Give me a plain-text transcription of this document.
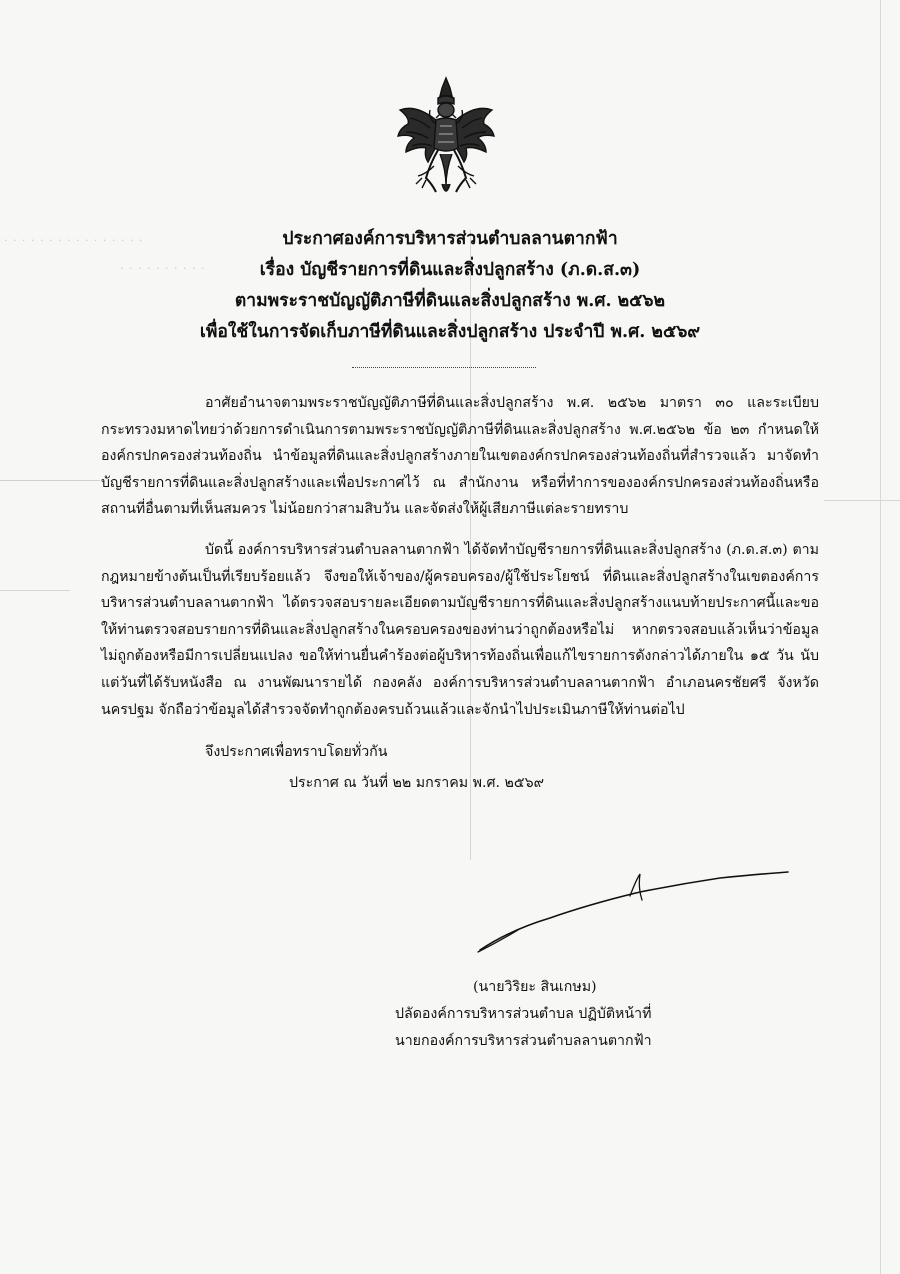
· · · · · · · · · · · · · · · ·
· · · · · · · · · ·
ประกาศองค์การบริหารส่วนตำบลลานตากฟ้า
เรื่อง บัญชีรายการที่ดินและสิ่งปลูกสร้าง (ภ.ด.ส.๓)
ตามพระราชบัญญัติภาษีที่ดินและสิ่งปลูกสร้าง พ.ศ. ๒๕๖๒
เพื่อใช้ในการจัดเก็บภาษีที่ดินและสิ่งปลูกสร้าง ประจำปี พ.ศ. ๒๕๖๙

อาศัยอำนาจตามพระราชบัญญัติภาษีที่ดินและสิ่งปลูกสร้าง พ.ศ. ๒๕๖๒ มาตรา ๓๐ และระเบียบกระทรวงมหาดไทยว่าด้วยการดำเนินการตามพระราชบัญญัติภาษีที่ดินและสิ่งปลูกสร้าง พ.ศ.๒๕๖๒ ข้อ ๒๓ กำหนดให้องค์กรปกครองส่วนท้องถิ่น นำข้อมูลที่ดินและสิ่งปลูกสร้างภายในเขตองค์กรปกครองส่วนท้องถิ่นที่สำรวจแล้ว มาจัดทำบัญชีรายการที่ดินและสิ่งปลูกสร้างและเพื่อประกาศไว้ ณ สำนักงาน หรือที่ทำการขององค์กรปกครองส่วนท้องถิ่นหรือสถานที่อื่นตามที่เห็นสมควร ไม่น้อยกว่าสามสิบวัน และจัดส่งให้ผู้เสียภาษีแต่ละรายทราบ

บัดนี้ องค์การบริหารส่วนตำบลลานตากฟ้า ได้จัดทำบัญชีรายการที่ดินและสิ่งปลูกสร้าง (ภ.ด.ส.๓) ตามกฎหมายข้างต้นเป็นที่เรียบร้อยแล้ว จึงขอให้เจ้าของ/ผู้ครอบครอง/ผู้ใช้ประโยชน์ ที่ดินและสิ่งปลูกสร้างในเขตองค์การบริหารส่วนตำบลลานตากฟ้า ได้ตรวจสอบรายละเอียดตามบัญชีรายการที่ดินและสิ่งปลูกสร้างแนบท้ายประกาศนี้และขอให้ท่านตรวจสอบรายการที่ดินและสิ่งปลูกสร้างในครอบครองของท่านว่าถูกต้องหรือไม่ หากตรวจสอบแล้วเห็นว่าข้อมูลไม่ถูกต้องหรือมีการเปลี่ยนแปลง ขอให้ท่านยื่นคำร้องต่อผู้บริหารท้องถิ่นเพื่อแก้ไขรายการดังกล่าวได้ภายใน ๑๕ วัน นับแต่วันที่ได้รับหนังสือ ณ งานพัฒนารายได้ กองคลัง องค์การบริหารส่วนตำบลลานตากฟ้า อำเภอนครชัยศรี จังหวัดนครปฐม จักถือว่าข้อมูลได้สำรวจจัดทำถูกต้องครบถ้วนแล้วและจักนำไปประเมินภาษีให้ท่านต่อไป

จึงประกาศเพื่อทราบโดยทั่วกัน

ประกาศ ณ วันที่ ๒๒ มกราคม พ.ศ. ๒๕๖๙

(นายวิริยะ สินเกษม)
ปลัดองค์การบริหารส่วนตำบล ปฏิบัติหน้าที่
นายกองค์การบริหารส่วนตำบลลานตากฟ้า
